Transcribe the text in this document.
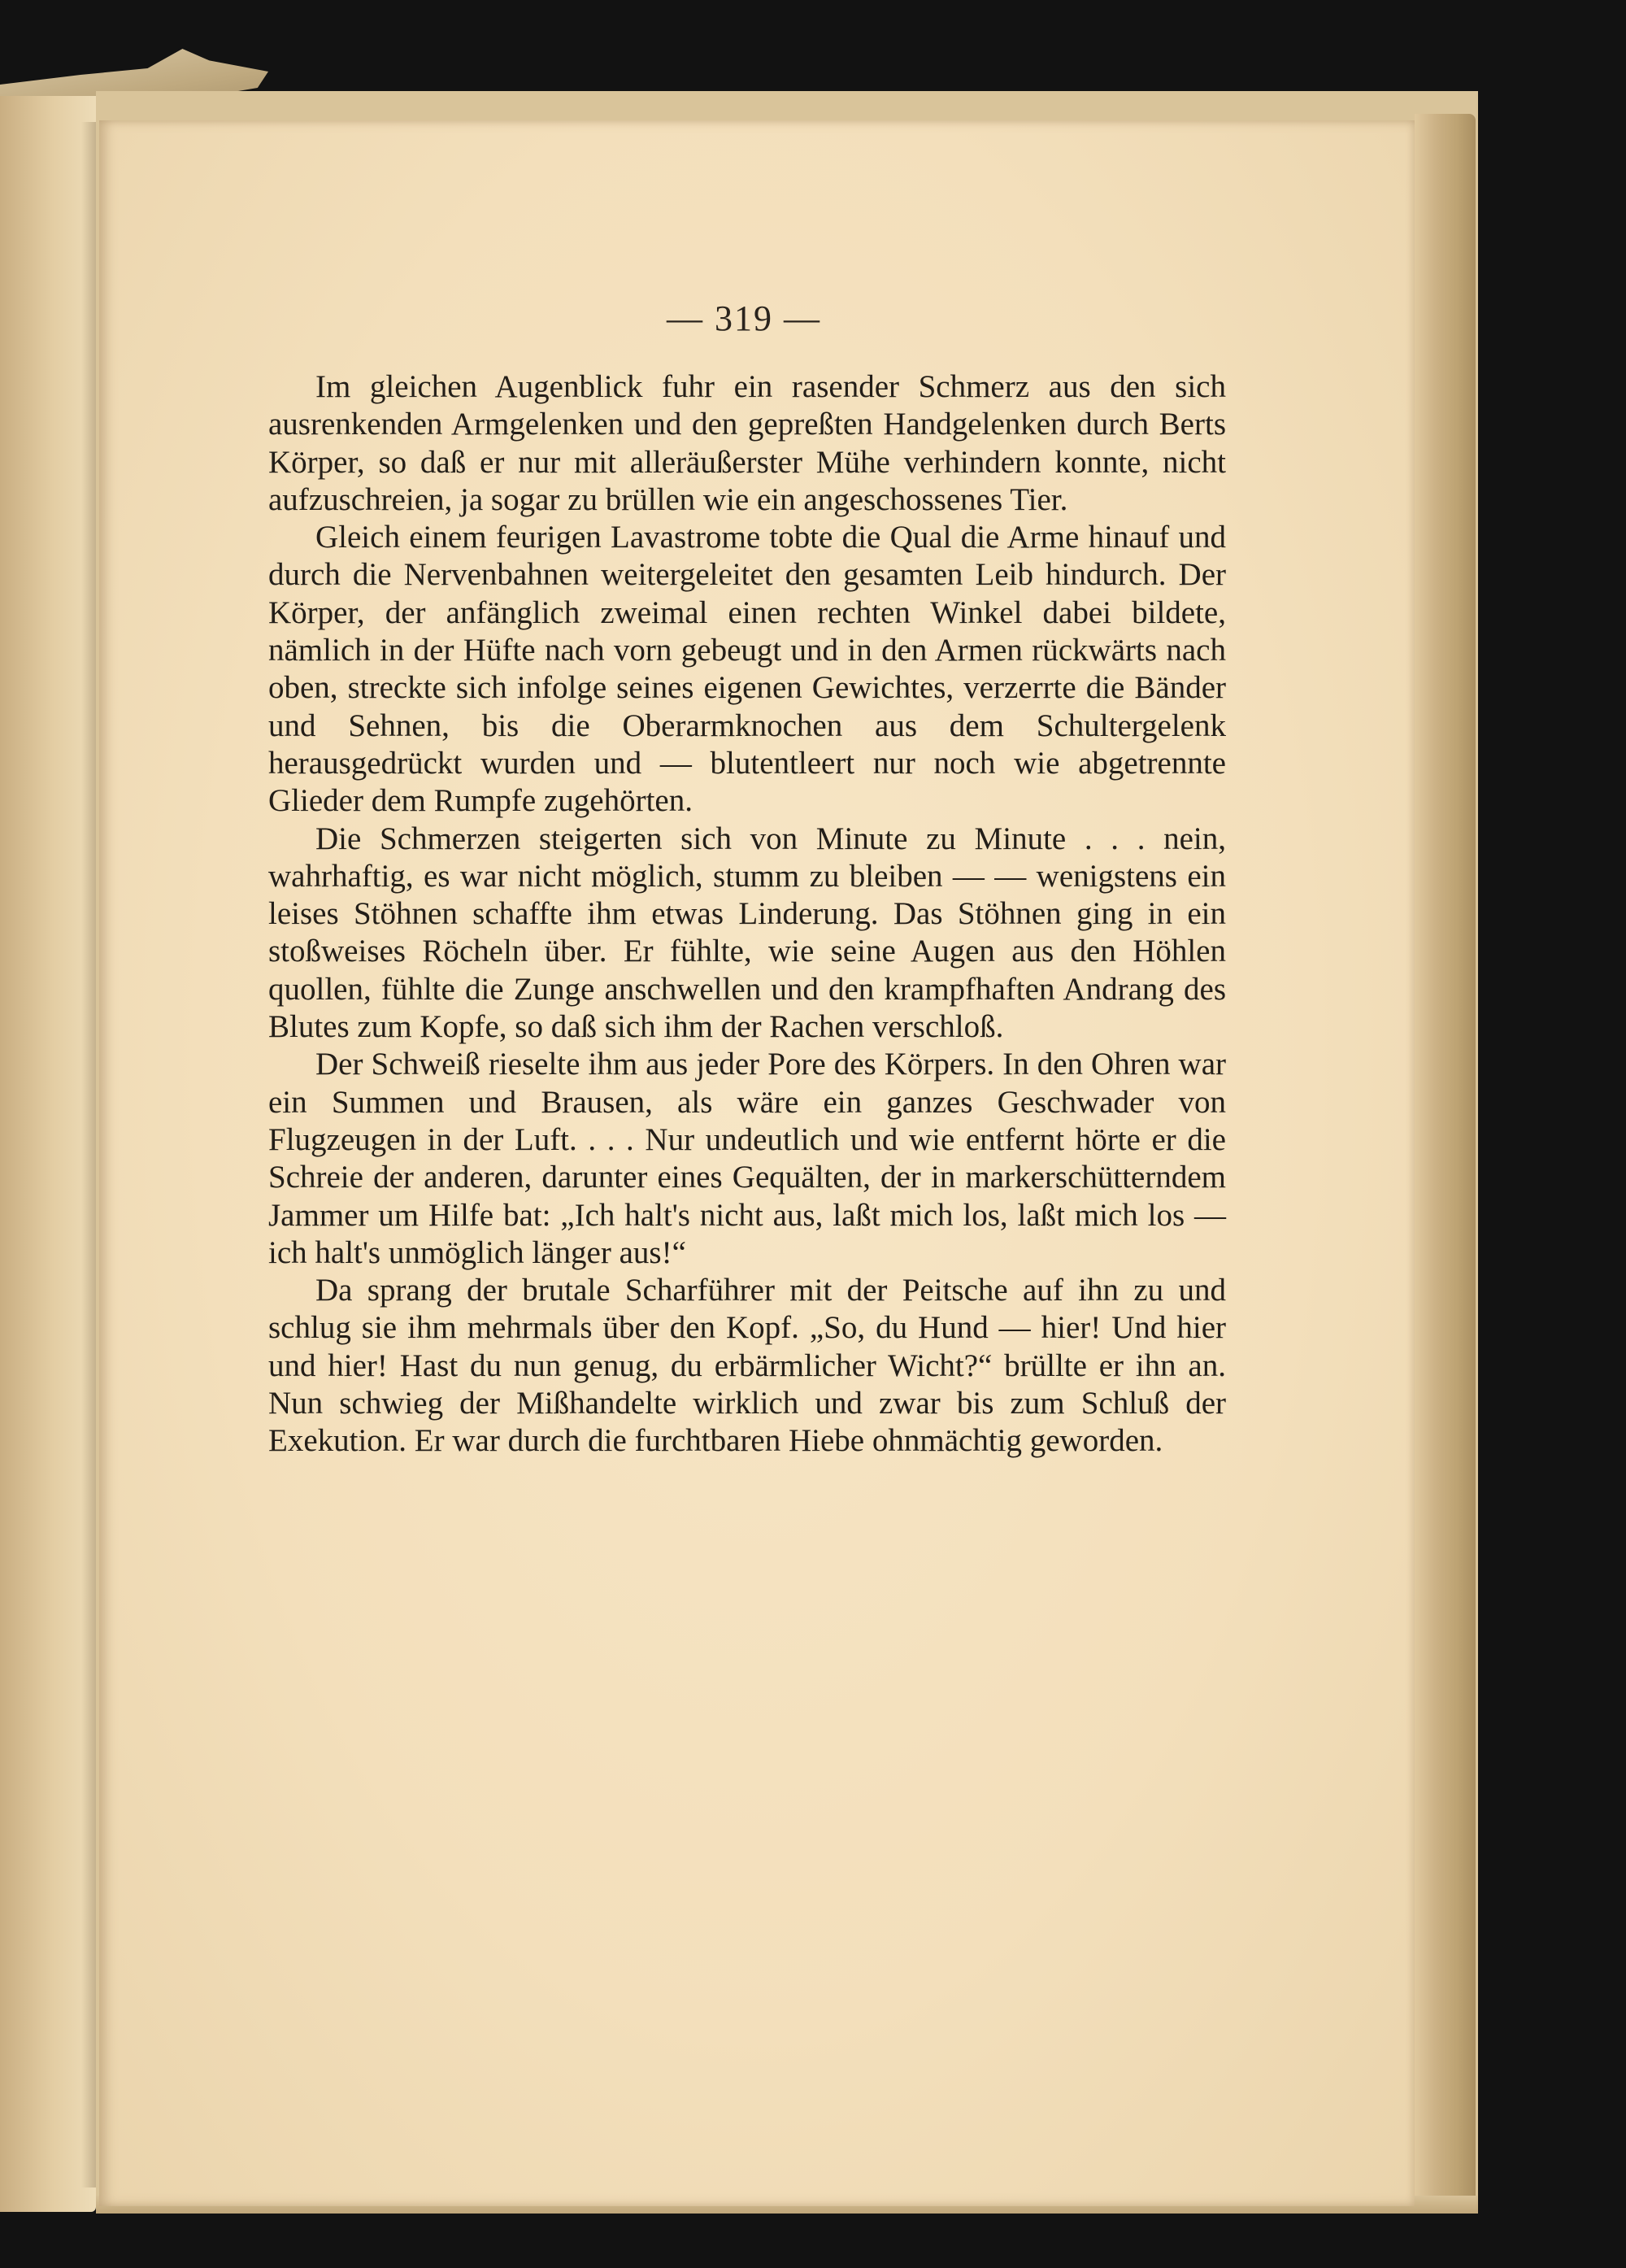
— 319 —

Im gleichen Augenblick fuhr ein rasender Schmerz aus den sich ausrenkenden Armgelenken und den gepreßten Handgelenken durch Berts Körper, so daß er nur mit alleräußerster Mühe verhindern konnte, nicht aufzuschreien, ja sogar zu brüllen wie ein angeschossenes Tier.

Gleich einem feurigen Lavastrome tobte die Qual die Arme hinauf und durch die Nervenbahnen weitergeleitet den gesamten Leib hindurch. Der Körper, der anfänglich zweimal einen rechten Winkel dabei bildete, nämlich in der Hüfte nach vorn gebeugt und in den Armen rückwärts nach oben, streckte sich infolge seines eigenen Gewichtes, verzerrte die Bänder und Sehnen, bis die Oberarmknochen aus dem Schultergelenk herausgedrückt wurden und — blutentleert nur noch wie abgetrennte Glieder dem Rumpfe zugehörten.

Die Schmerzen steigerten sich von Minute zu Minute . . . nein, wahrhaftig, es war nicht möglich, stumm zu bleiben — — wenigstens ein leises Stöhnen schaffte ihm etwas Linderung. Das Stöhnen ging in ein stoßweises Röcheln über. Er fühlte, wie seine Augen aus den Höhlen quollen, fühlte die Zunge anschwellen und den krampfhaften Andrang des Blutes zum Kopfe, so daß sich ihm der Rachen verschloß.

Der Schweiß rieselte ihm aus jeder Pore des Körpers. In den Ohren war ein Summen und Brausen, als wäre ein ganzes Geschwader von Flugzeugen in der Luft. . . . Nur undeutlich und wie entfernt hörte er die Schreie der anderen, darunter eines Gequälten, der in markerschütterndem Jammer um Hilfe bat: „Ich halt's nicht aus, laßt mich los, laßt mich los — ich halt's unmöglich länger aus!“

Da sprang der brutale Scharführer mit der Peitsche auf ihn zu und schlug sie ihm mehrmals über den Kopf. „So, du Hund — hier! Und hier und hier! Hast du nun genug, du erbärmlicher Wicht?“ brüllte er ihn an. Nun schwieg der Mißhandelte wirklich und zwar bis zum Schluß der Exekution. Er war durch die furchtbaren Hiebe ohnmächtig geworden.
